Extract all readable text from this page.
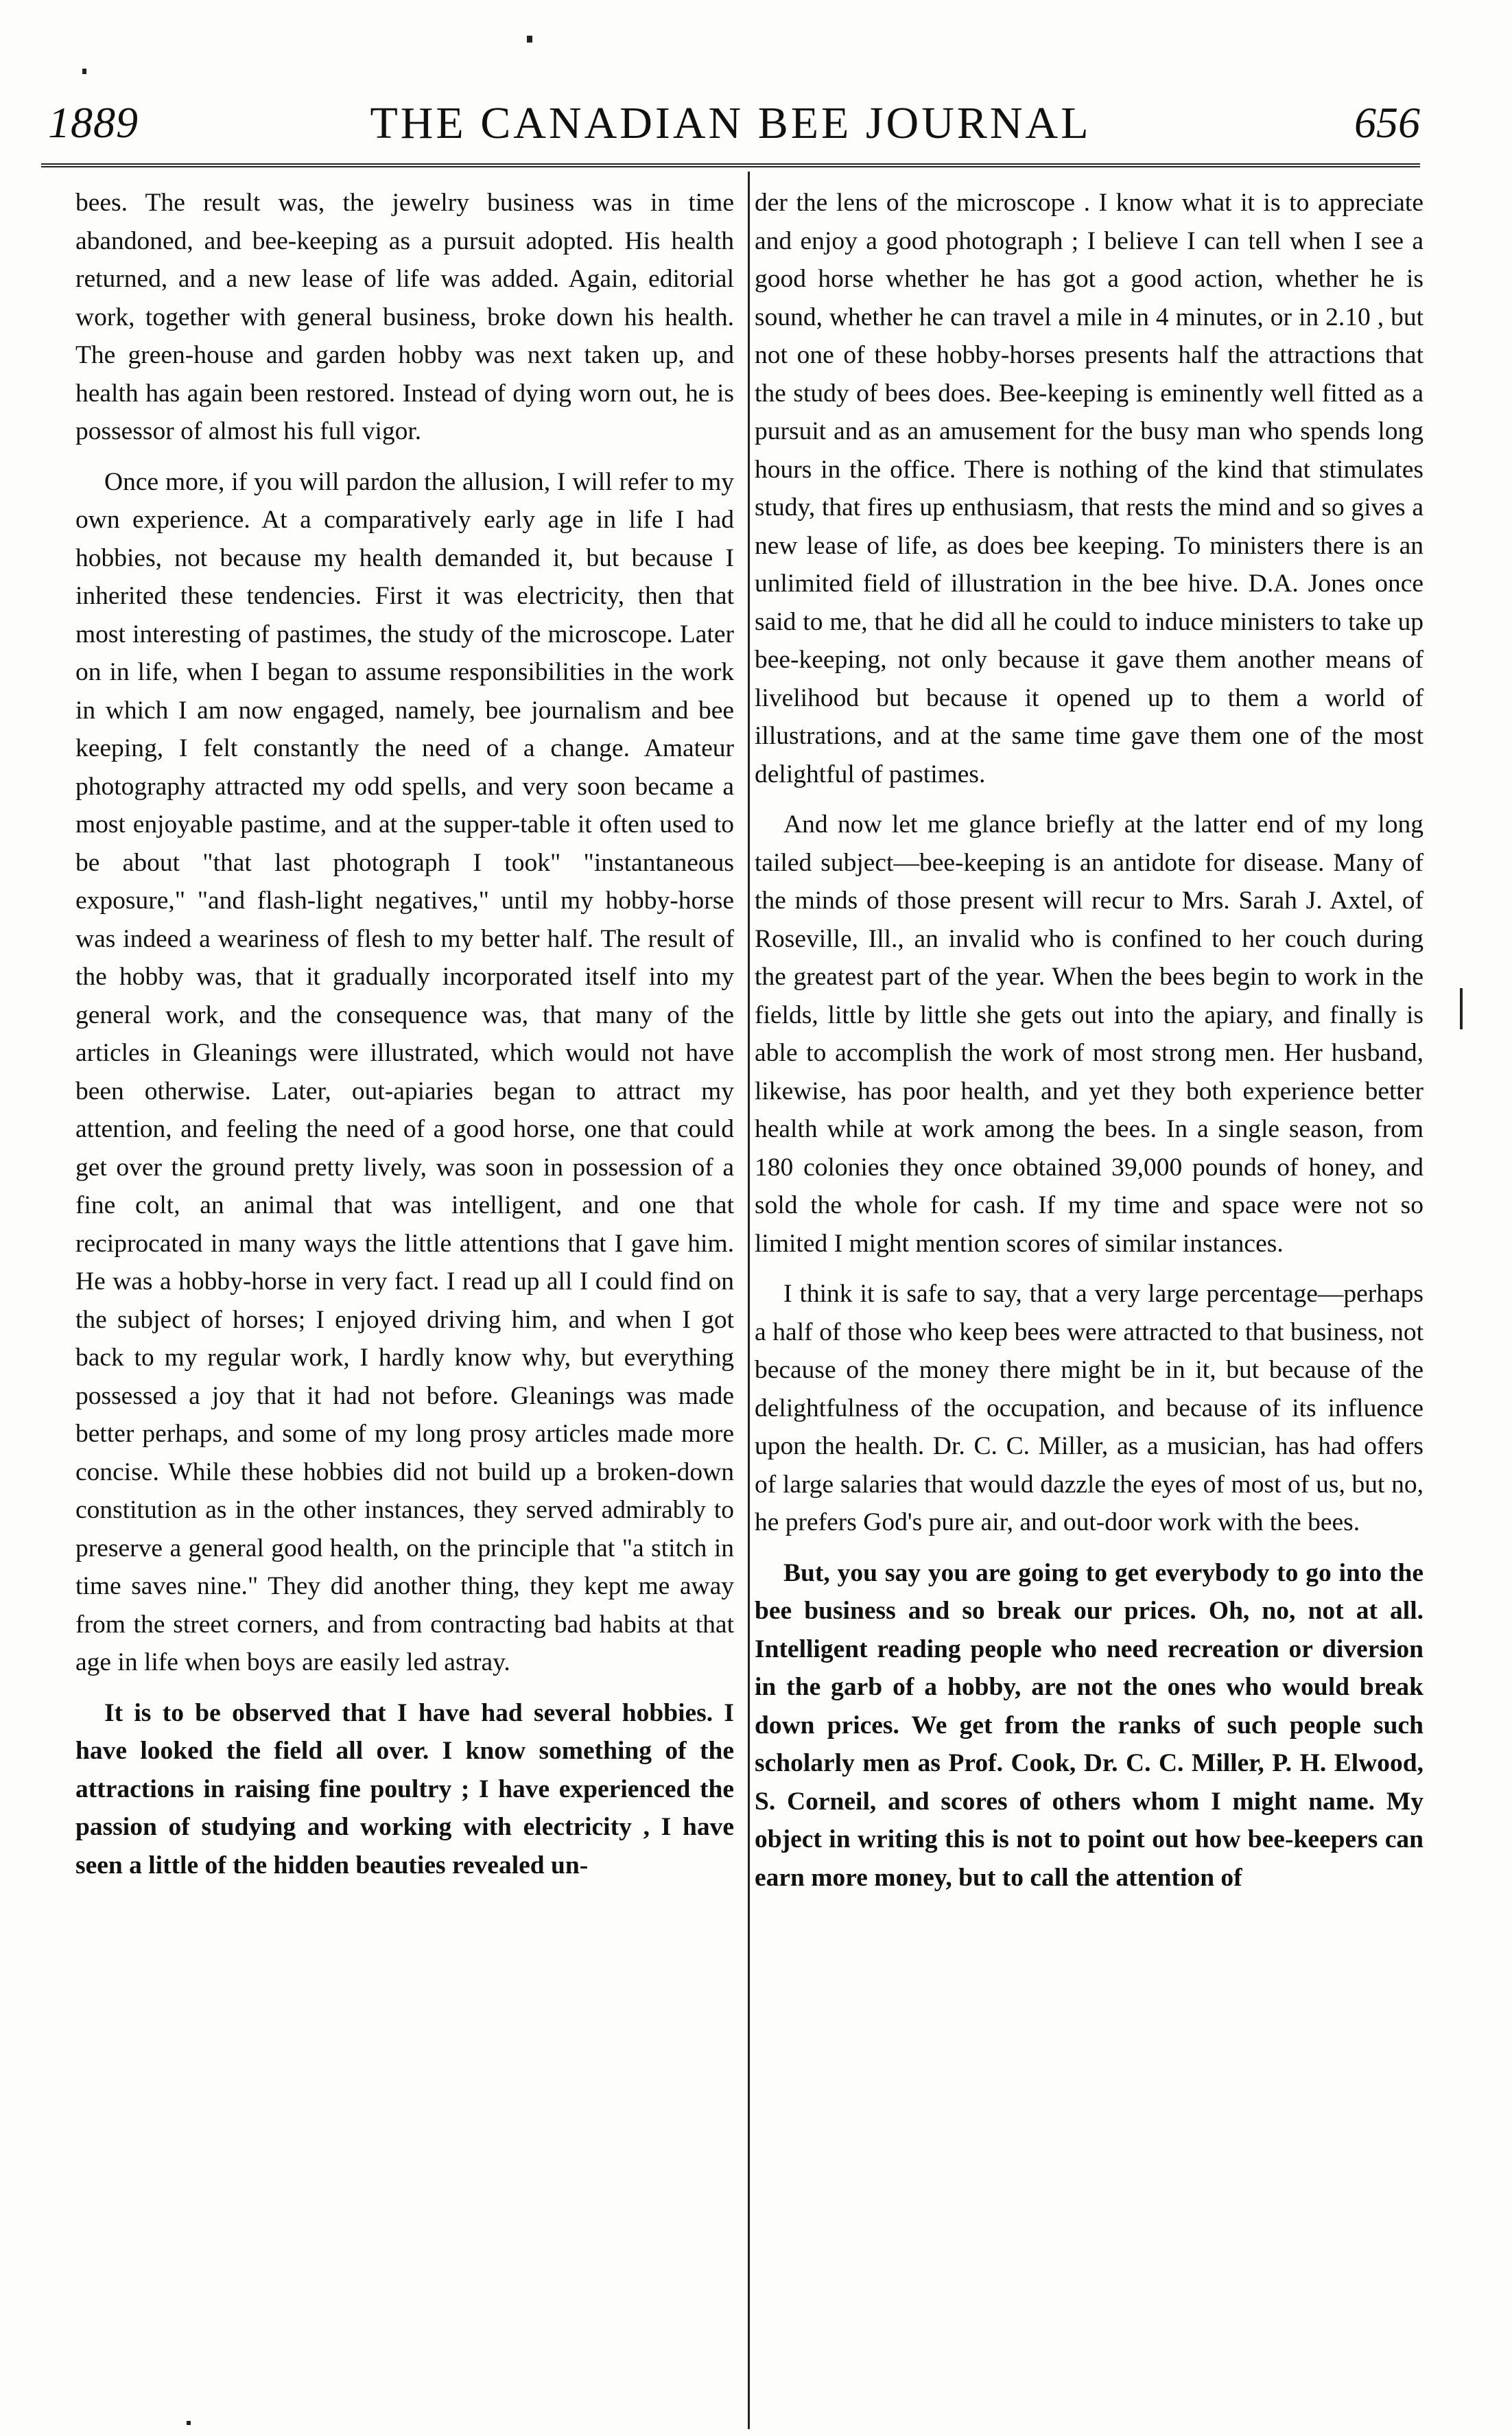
1889	THE CANADIAN BEE JOURNAL	656

bees. The result was, the jewelry business was in time abandoned, and bee-keeping as a pursuit adopted. His health returned, and a new lease of life was added. Again, editorial work, together with general business, broke down his health. The green-house and garden hobby was next taken up, and health has again been restored. Instead of dying worn out, he is possessor of almost his full vigor.

Once more, if you will pardon the allusion, I will refer to my own experience. At a comparatively early age in life I had hobbies, not because my health demanded it, but because I inherited these tendencies. First it was electricity, then that most interesting of pastimes, the study of the microscope. Later on in life, when I began to assume responsibilities in the work in which I am now engaged, namely, bee journalism and bee keeping, I felt constantly the need of a change. Amateur photography attracted my odd spells, and very soon became a most enjoyable pastime, and at the supper-table it often used to be about "that last photograph I took" "instantaneous exposure," "and flash-light negatives," until my hobby-horse was indeed a weariness of flesh to my better half. The result of the hobby was, that it gradually incorporated itself into my general work, and the consequence was, that many of the articles in Gleanings were illustrated, which would not have been otherwise. Later, out-apiaries began to attract my attention, and feeling the need of a good horse, one that could get over the ground pretty lively, was soon in possession of a fine colt, an animal that was intelligent, and one that reciprocated in many ways the little attentions that I gave him. He was a hobby-horse in very fact. I read up all I could find on the subject of horses; I enjoyed driving him, and when I got back to my regular work, I hardly know why, but everything possessed a joy that it had not before. Gleanings was made better perhaps, and some of my long prosy articles made more concise. While these hobbies did not build up a broken-down constitution as in the other instances, they served admirably to preserve a general good health, on the principle that "a stitch in time saves nine." They did another thing, they kept me away from the street corners, and from contracting bad habits at that age in life when boys are easily led astray.

It is to be observed that I have had several hobbies. I have looked the field all over. I know something of the attractions in raising fine poultry ; I have experienced the passion of studying and working with electricity , I have seen a little of the hidden beauties revealed un-

der the lens of the microscope . I know what it is to appreciate and enjoy a good photograph ; I believe I can tell when I see a good horse whether he has got a good action, whether he is sound, whether he can travel a mile in 4 minutes, or in 2.10 , but not one of these hobby-horses presents half the attractions that the study of bees does. Bee-keeping is eminently well fitted as a pursuit and as an amusement for the busy man who spends long hours in the office. There is nothing of the kind that stimulates study, that fires up enthusiasm, that rests the mind and so gives a new lease of life, as does bee keeping. To ministers there is an unlimited field of illustration in the bee hive. D.A. Jones once said to me, that he did all he could to induce ministers to take up bee-keeping, not only because it gave them another means of livelihood but because it opened up to them a world of illustrations, and at the same time gave them one of the most delightful of pastimes.

And now let me glance briefly at the latter end of my long tailed subject—bee-keeping is an antidote for disease. Many of the minds of those present will recur to Mrs. Sarah J. Axtel, of Roseville, Ill., an invalid who is confined to her couch during the greatest part of the year. When the bees begin to work in the fields, little by little she gets out into the apiary, and finally is able to accomplish the work of most strong men. Her husband, likewise, has poor health, and yet they both experience better health while at work among the bees. In a single season, from 180 colonies they once obtained 39,000 pounds of honey, and sold the whole for cash. If my time and space were not so limited I might mention scores of similar instances.

I think it is safe to say, that a very large percentage—perhaps a half of those who keep bees were attracted to that business, not because of the money there might be in it, but because of the delightfulness of the occupation, and because of its influence upon the health. Dr. C. C. Miller, as a musician, has had offers of large salaries that would dazzle the eyes of most of us, but no, he prefers God's pure air, and out-door work with the bees.

But, you say you are going to get everybody to go into the bee business and so break our prices. Oh, no, not at all. Intelligent reading people who need recreation or diversion in the garb of a hobby, are not the ones who would break down prices. We get from the ranks of such people such scholarly men as Prof. Cook, Dr. C. C. Miller, P. H. Elwood, S. Corneil, and scores of others whom I might name. My object in writing this is not to point out how bee-keepers can earn more money, but to call the attention of
